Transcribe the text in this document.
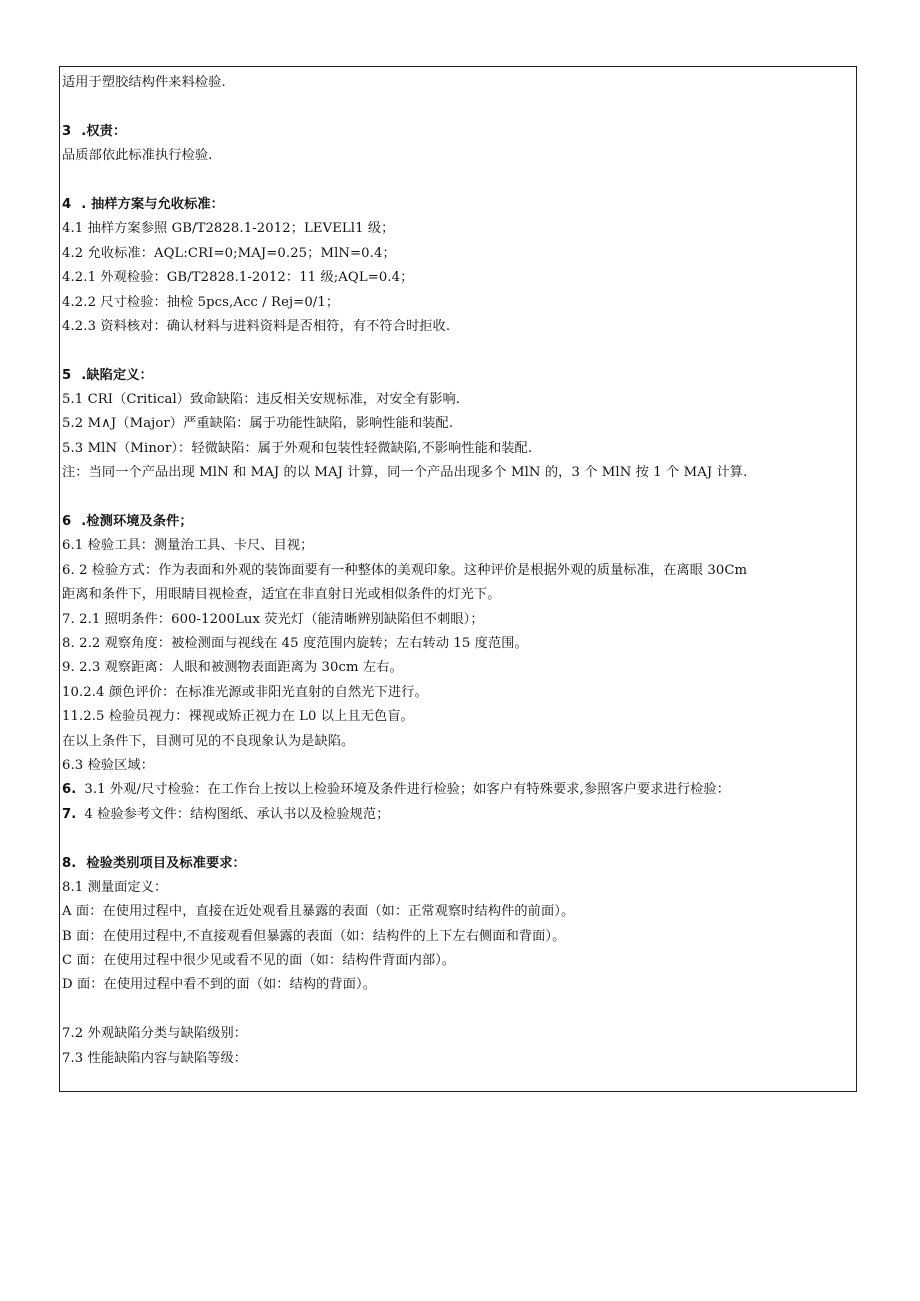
适用于塑胶结构件来料检验.
3 .权责：
品质部依此标准执行检验.
4 . 抽样方案与允收标准：
4.1 抽样方案参照 GB/T2828.1-2012；LEVELl1 级；
4.2 允收标准：AQL:CRI=0;MAJ=0.25；MlN=0.4；
4.2.1 外观检验：GB/T2828.1-2012：11 级;AQL=0.4；
4.2.2 尺寸检验：抽检 5pcs,Acc / Rej=0/1；
4.2.3 资料核对：确认材料与进料资料是否相符，有不符合时拒收.
5 .缺陷定义：
5.1 CRI（Critical）致命缺陷：违反相关安规标准，对安全有影响.
5.2 M∧J（Major）严重缺陷：属于功能性缺陷，影响性能和装配.
5.3 MlN（Minor）：轻微缺陷：属于外观和包装性轻微缺陷,不影响性能和装配.
注：当同一个产品出现 MlN 和 MAJ 的以 MAJ 计算，同一个产品出现多个 MlN 的，3 个 MlN 按 1 个 MAJ 计算.
6 .检测环境及条件；
6.1 检验工具：测量治工具、卡尺、目视；
6. 2 检验方式：作为表面和外观的装饰面要有一种整体的美观印象。这种评价是根据外观的质量标准，在离眼 30Cm
距离和条件下，用眼睛目视检查，适宜在非直射日光或相似条件的灯光下。
7. 2.1 照明条件：600-1200Lux 荧光灯（能清晰辨别缺陷但不刺眼）；
8. 2.2 观察角度：被检测面与视线在 45 度范围内旋转；左右转动 15 度范围。
9. 2.3 观察距离：人眼和被测物表面距离为 30cm 左右。
10.2.4 颜色评价：在标准光源或非阳光直射的自然光下进行。
11.2.5 检验员视力：裸视或矫正视力在 L0 以上且无色盲。
在以上条件下，目测可见的不良现象认为是缺陷。
6.3 检验区域：
6. 3.1 外观/尺寸检验：在工作台上按以上检验环境及条件进行检验；如客户有特殊要求,参照客户要求进行检验：
7. 4 检验参考文件：结构图纸、承认书以及检验规范；
8. 检验类别项目及标准要求：
8.1 测量面定义：
A 面：在使用过程中，直接在近处观看且暴露的表面（如：正常观察时结构件的前面）。
B 面：在使用过程中,不直接观看但暴露的表面（如：结构件的上下左右侧面和背面）。
C 面：在使用过程中很少见或看不见的面（如：结构件背面内部）。
D 面：在使用过程中看不到的面（如：结构的背面）。
7.2 外观缺陷分类与缺陷级别：
7.3 性能缺陷内容与缺陷等级：
